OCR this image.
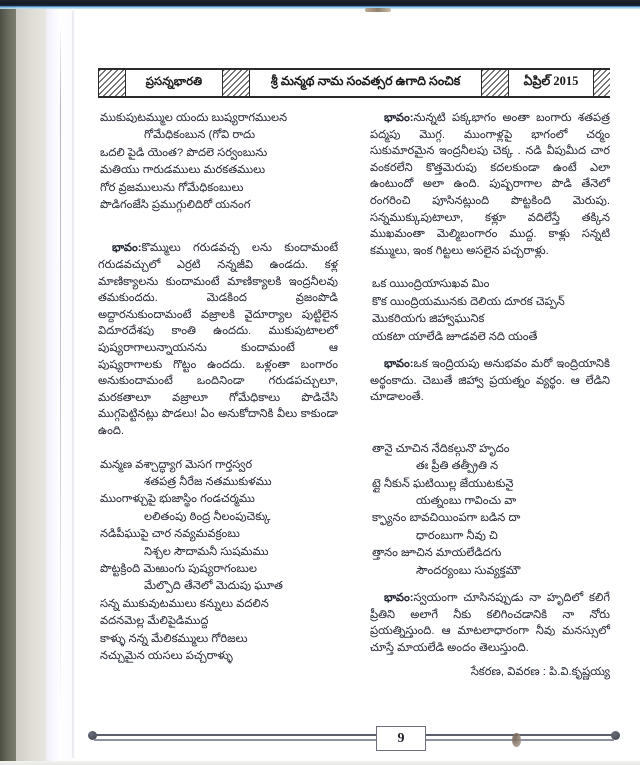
ప్రసన్నభారతి	శ్రీ మన్మథ నామ సంవత్సర ఉగాది సంచిక	ఏప్రిల్ 2015
ముకుపుటమ్ముల యందు బుష్యరాగములన
గోమేధికంబున (గోవి రాదు
ఒదలి పైడి యెంత? పొదలె సర్వంబును
మతియు గారుడములు మరకతములు
గోర వ్రజములును గోమేధికంబులు
పొడిగంజేసి ప్రముగ్గులిదిరో యనంగ

భావం:కొమ్ములు గరుడవచ్చ లను కుందామంటే గరుడవచ్చులో ఎర్రటి నన్నజీవి ఉండదు. కళ్ల మాణిక్యాలను కుందామంటే మాణిక్యాలకి ఇంద్రనీలవు తమకుందదు. మెడకింద వ్రజంపొడి అద్దారనుకుందామంటే వజ్రాలకి వైదూర్యాల పుట్టిలైన విదూరదేశపు కాంతి ఉందదు. ముకుపుటాలలో పుష్యరాగాలున్నాయనను కుందామంటే ఆ పుష్యరాగాలకు గొట్టం ఉందదు. ఒళ్లంతా బంగారం అనుకుందామంటే ఒందినిండా గరుడపచ్చులూ, మరకతాలూ వజ్రాలూ గోమేధికాలు పొడిచేసి ముగ్గపెట్టినట్లు పొడలు! ఏం అనుకోదానికి వీలు కాకుండా ఉంది.

మన్మణ వశ్చాద్ధ్యాగ మెసగ గార్తస్వర
శతపత్ర నీరేజ నతముకుళము
ముంగాళ్చుపై భుజాస్థిం గండచర్మము
లలితంపు ఠింద్ర నీలంపుచెక్కు
నడిపీఘుపై చార నవ్యమవక్రంబు
నిశ్చల సౌదామనీ సుషమము
పొట్టక్రింది మెఱుంగు పుష్యరాగంబుల
మేల్పొది తేనెలో మెదుపు ఘూత
సన్న ముకువుటములు కన్నులు వదలిన
వదనమెల్ల మేలిపైడిముద్ద
కాళ్ళు నన్న మేలికమ్ములు గోరిజలు
నచ్చుమైన యసలు పచ్చరాళ్ళు

భావం:నున్నటి పక్కభాగం అంతా బంగారు శతపత్ర పద్మపు మొగ్గ. ముంగాళ్లపై భాగంలో చర్మం సుకుమారమైన ఇంద్రనీలపు చెక్క . నడి వీపుమీద చార వంకరలేని కొత్తమెరుపు కదలకుండా ఉంటే ఎలా ఉంటుందో అలా ఉంది. పుష్పరాగాల పొడి తేనెలో రంగరించి పూసినట్లుంది పొట్టకింది మెరుపు. సన్నముక్కుపుటాలూ, కళ్లూ వదిలేస్తే తక్కిన ముఖమంతా మెల్మిబంగారం ముద్ద. కాళ్లు సన్నటి కమ్ములు, ఇంక గిట్టలు అసలైన పచ్చరాళ్లు.

ఒక యిుంద్రియాసుఖవ మిం
కొక యింద్రియమునకు దెలియ దూరక చెప్పన్
మొకరియగు జిహ్వాఘునిక
యకటా యాలేడి జూడవలె నది యంతే

భావం:ఒక ఇంద్రియపు అనుభవం మరో ఇంద్రియానికి అర్థంకాదు. చెబుతే జిహ్వా ప్రయత్నం వ్యర్థం. ఆ లేడిని చూడాలంతే.

తానై చూచిన నేదికల్గునొ హృదం
తః ప్రీతి తత్ప్రీతి న
ట్లై నీకున్ ఘటియిల్ల జేయుటకునై
యత్నంబు గావించు వా
క్ఫ్యానం బావచియింపగా బడిన దా
ధారంబుగా నీవు చి
త్తానం జూచిన మాయలేడిదగు
సౌందర్యంబు సువ్యక్తమౌ

భావం:స్వయంగా చూసినప్పుడు నా హృదిలో కలిగే ప్రీతిని అలాగే నీకు కలిగించడానికి నా నోరు ప్రయత్నిస్తుంది. ఆ మాటలాధారంగా నీవు మనస్సులో చూస్తే మాయలేడి అందం తెలుస్తుంది.

సేకరణ, వివరణ : పి.వి.కృష్ణయ్య
9
